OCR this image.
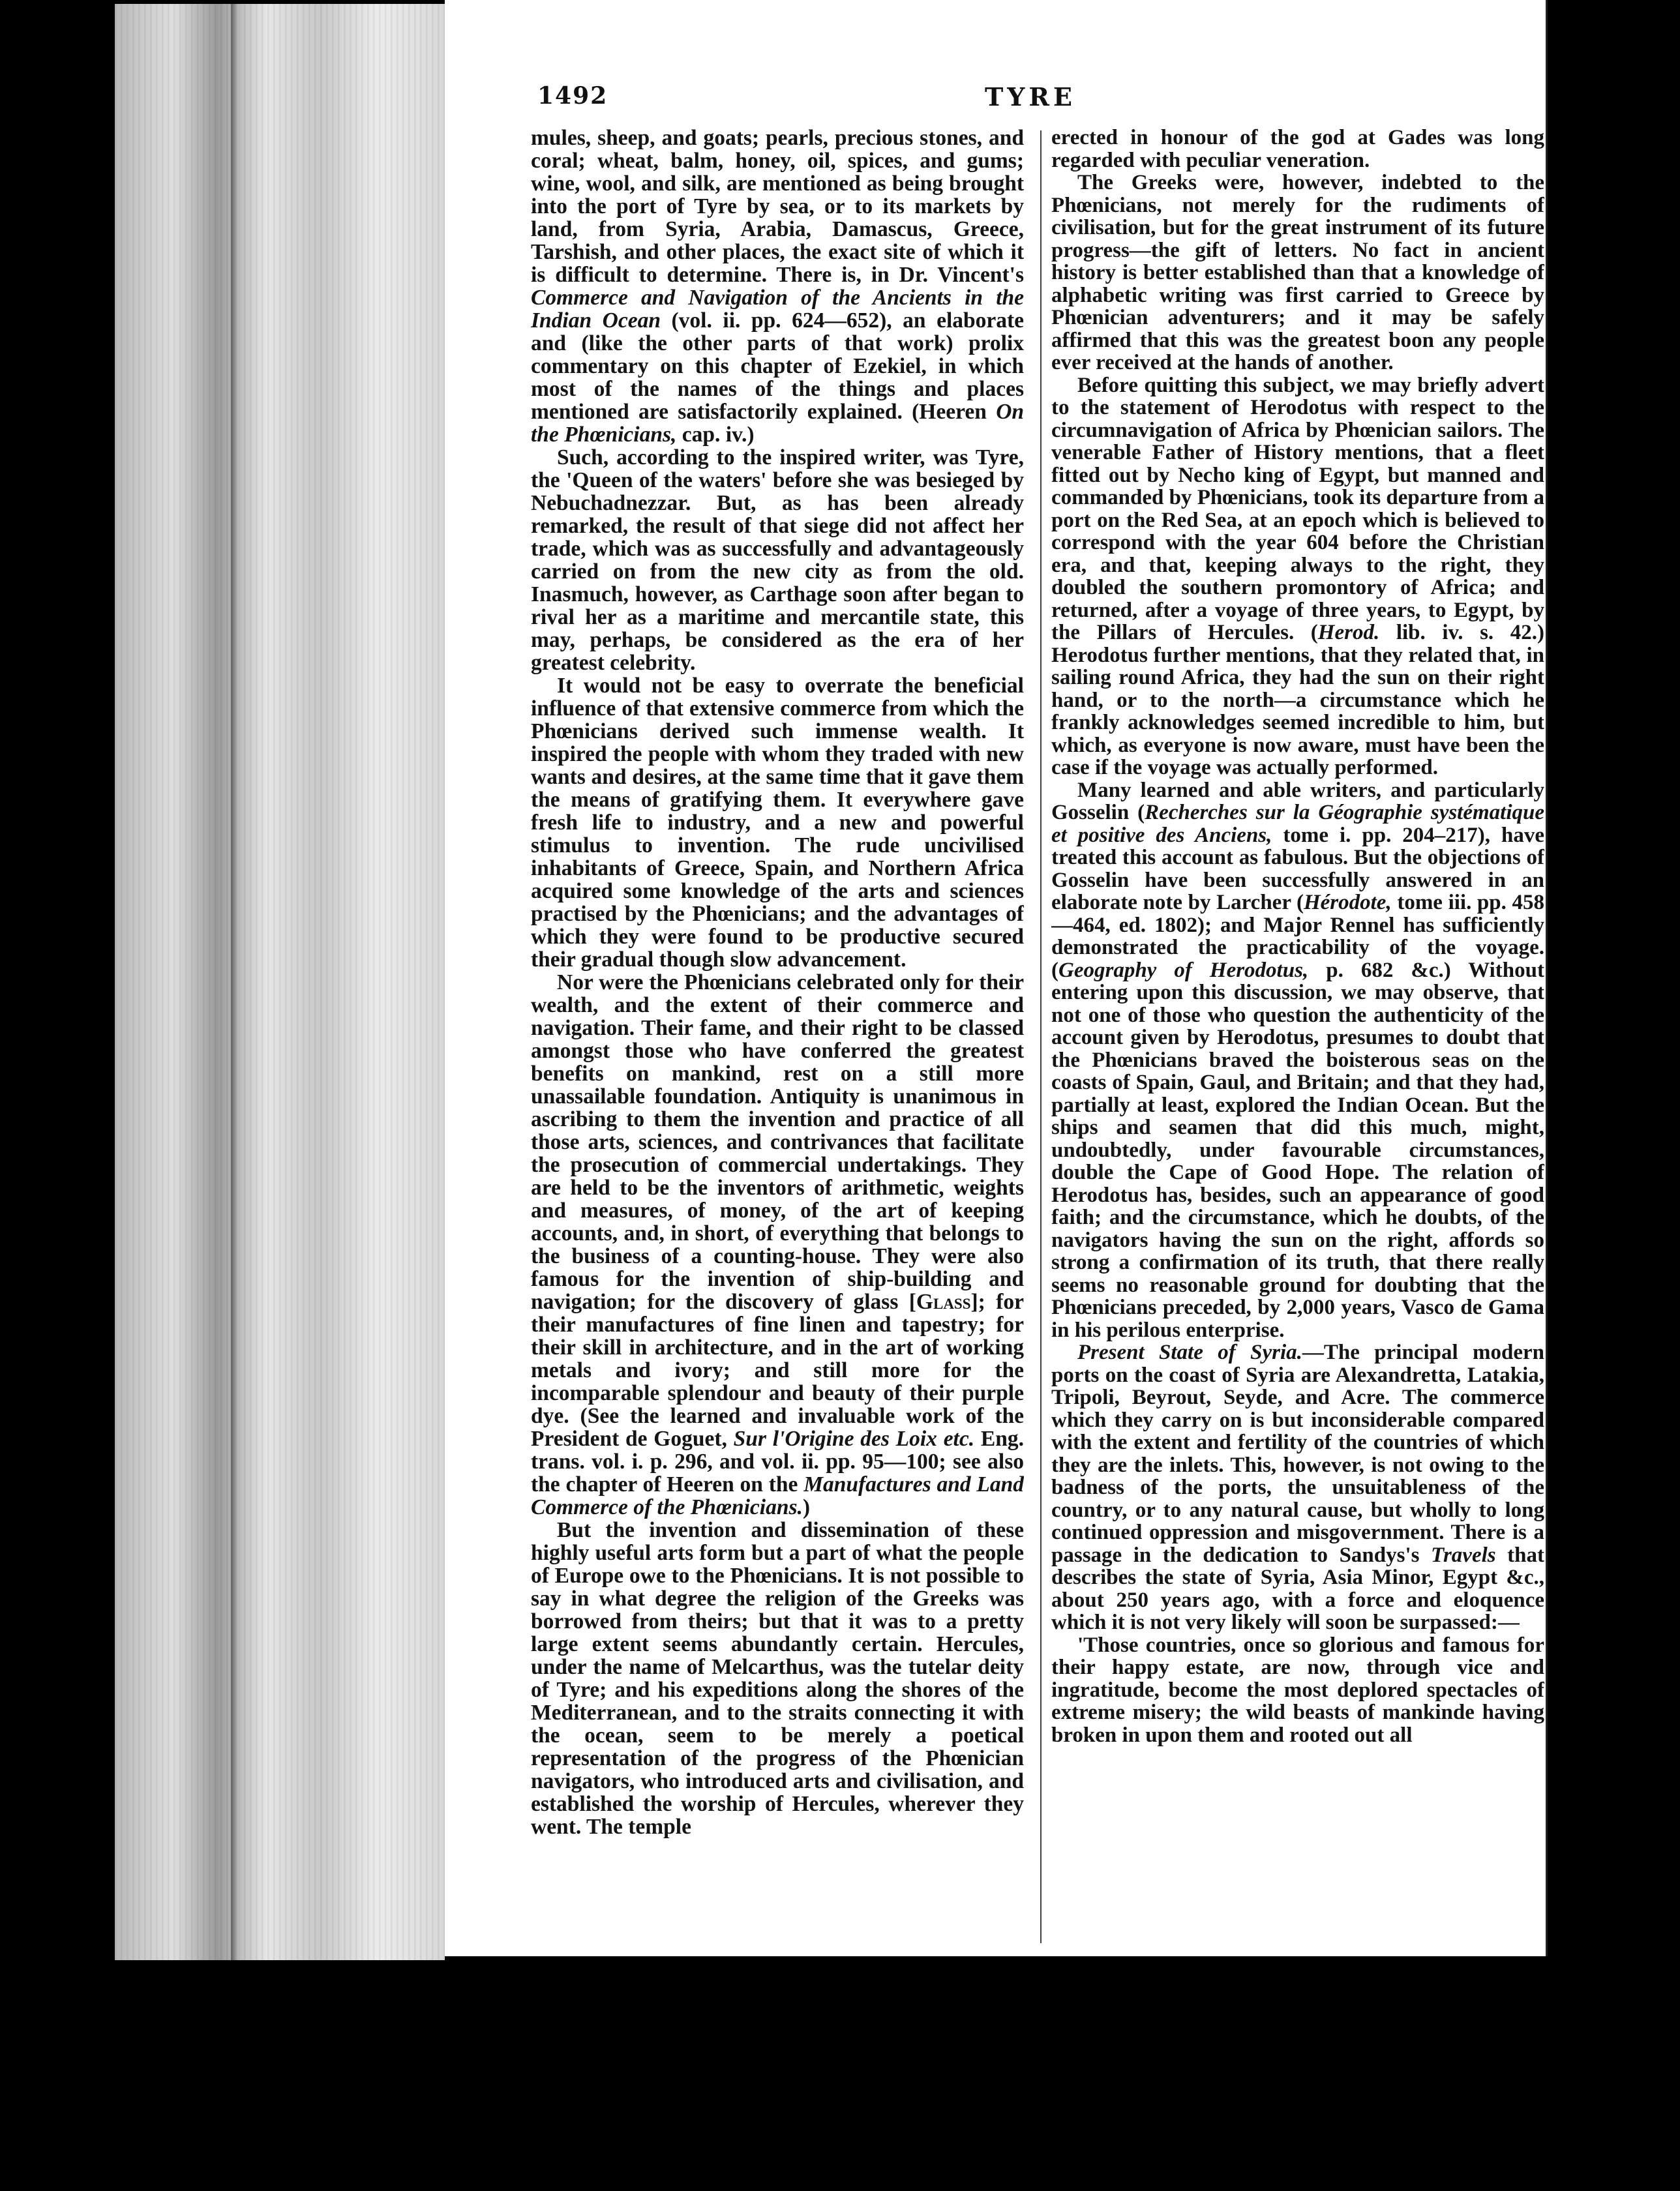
1492	TYRE

mules, sheep, and goats; pearls, precious stones, and coral; wheat, balm, honey, oil, spices, and gums; wine, wool, and silk, are mentioned as being brought into the port of Tyre by sea, or to its markets by land, from Syria, Arabia, Damascus, Greece, Tarshish, and other places, the exact site of which it is difficult to determine. There is, in Dr. Vincent's Commerce and Navigation of the Ancients in the Indian Ocean (vol. ii. pp. 624—652), an elaborate and (like the other parts of that work) prolix commentary on this chapter of Ezekiel, in which most of the names of the things and places mentioned are satisfactorily explained. (Heeren On the Phœnicians, cap. iv.)

Such, according to the inspired writer, was Tyre, the 'Queen of the waters' before she was besieged by Nebuchadnezzar. But, as has been already remarked, the result of that siege did not affect her trade, which was as successfully and advantageously carried on from the new city as from the old. Inasmuch, however, as Carthage soon after began to rival her as a maritime and mercantile state, this may, perhaps, be considered as the era of her greatest celebrity.

It would not be easy to overrate the beneficial influence of that extensive commerce from which the Phœnicians derived such immense wealth. It inspired the people with whom they traded with new wants and desires, at the same time that it gave them the means of gratifying them. It everywhere gave fresh life to industry, and a new and powerful stimulus to invention. The rude uncivilised inhabitants of Greece, Spain, and Northern Africa acquired some knowledge of the arts and sciences practised by the Phœnicians; and the advantages of which they were found to be productive secured their gradual though slow advancement.

Nor were the Phœnicians celebrated only for their wealth, and the extent of their commerce and navigation. Their fame, and their right to be classed amongst those who have conferred the greatest benefits on mankind, rest on a still more unassailable foundation. Antiquity is unanimous in ascribing to them the invention and practice of all those arts, sciences, and contrivances that facilitate the prosecution of commercial undertakings. They are held to be the inventors of arithmetic, weights and measures, of money, of the art of keeping accounts, and, in short, of everything that belongs to the business of a counting-house. They were also famous for the invention of ship-building and navigation; for the discovery of glass [Glass]; for their manufactures of fine linen and tapestry; for their skill in architecture, and in the art of working metals and ivory; and still more for the incomparable splendour and beauty of their purple dye. (See the learned and invaluable work of the President de Goguet, Sur l'Origine des Loix etc. Eng. trans. vol. i. p. 296, and vol. ii. pp. 95—100; see also the chapter of Heeren on the Manufactures and Land Commerce of the Phœnicians.)

But the invention and dissemination of these highly useful arts form but a part of what the people of Europe owe to the Phœnicians. It is not possible to say in what degree the religion of the Greeks was borrowed from theirs; but that it was to a pretty large extent seems abundantly certain. Hercules, under the name of Melcarthus, was the tutelar deity of Tyre; and his expeditions along the shores of the Mediterranean, and to the straits connecting it with the ocean, seem to be merely a poetical representation of the progress of the Phœnician navigators, who introduced arts and civilisation, and established the worship of Hercules, wherever they went. The temple

erected in honour of the god at Gades was long regarded with peculiar veneration.

The Greeks were, however, indebted to the Phœnicians, not merely for the rudiments of civilisation, but for the great instrument of its future progress—the gift of letters. No fact in ancient history is better established than that a knowledge of alphabetic writing was first carried to Greece by Phœnician adventurers; and it may be safely affirmed that this was the greatest boon any people ever received at the hands of another.

Before quitting this subject, we may briefly advert to the statement of Herodotus with respect to the circumnavigation of Africa by Phœnician sailors. The venerable Father of History mentions, that a fleet fitted out by Necho king of Egypt, but manned and commanded by Phœnicians, took its departure from a port on the Red Sea, at an epoch which is believed to correspond with the year 604 before the Christian era, and that, keeping always to the right, they doubled the southern promontory of Africa; and returned, after a voyage of three years, to Egypt, by the Pillars of Hercules. (Herod. lib. iv. s. 42.) Herodotus further mentions, that they related that, in sailing round Africa, they had the sun on their right hand, or to the north—a circumstance which he frankly acknowledges seemed incredible to him, but which, as everyone is now aware, must have been the case if the voyage was actually performed.

Many learned and able writers, and particularly Gosselin (Recherches sur la Géographie systématique et positive des Anciens, tome i. pp. 204–217), have treated this account as fabulous. But the objections of Gosselin have been successfully answered in an elaborate note by Larcher (Hérodote, tome iii. pp. 458—464, ed. 1802); and Major Rennel has sufficiently demonstrated the practicability of the voyage. (Geography of Herodotus, p. 682 &c.) Without entering upon this discussion, we may observe, that not one of those who question the authenticity of the account given by Herodotus, presumes to doubt that the Phœnicians braved the boisterous seas on the coasts of Spain, Gaul, and Britain; and that they had, partially at least, explored the Indian Ocean. But the ships and seamen that did this much, might, undoubtedly, under favourable circumstances, double the Cape of Good Hope. The relation of Herodotus has, besides, such an appearance of good faith; and the circumstance, which he doubts, of the navigators having the sun on the right, affords so strong a confirmation of its truth, that there really seems no reasonable ground for doubting that the Phœnicians preceded, by 2,000 years, Vasco de Gama in his perilous enterprise.

Present State of Syria.—The principal modern ports on the coast of Syria are Alexandretta, Latakia, Tripoli, Beyrout, Seyde, and Acre. The commerce which they carry on is but inconsiderable compared with the extent and fertility of the countries of which they are the inlets. This, however, is not owing to the badness of the ports, the unsuitableness of the country, or to any natural cause, but wholly to long continued oppression and misgovernment. There is a passage in the dedication to Sandys's Travels that describes the state of Syria, Asia Minor, Egypt &c., about 250 years ago, with a force and eloquence which it is not very likely will soon be surpassed:—

'Those countries, once so glorious and famous for their happy estate, are now, through vice and ingratitude, become the most deplored spectacles of extreme misery; the wild beasts of mankinde having broken in upon them and rooted out all
